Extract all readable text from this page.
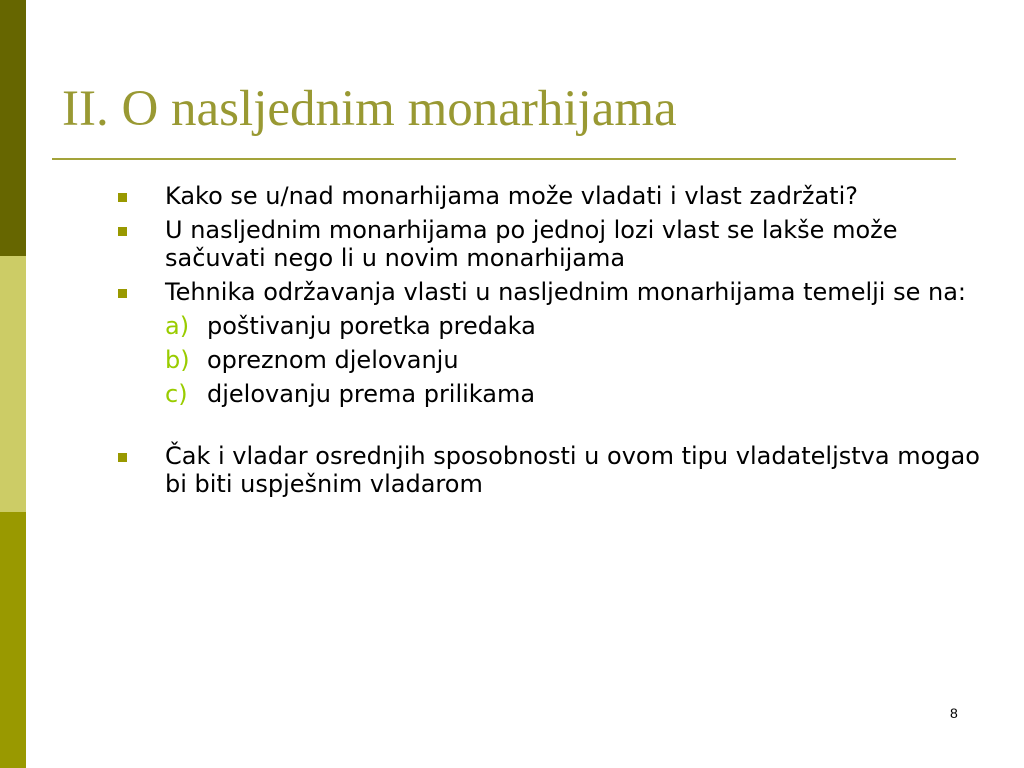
II. O nasljednim monarhijama
Kako se u/nad monarhijama može vladati i vlast zadržati?
U nasljednim monarhijama po jednoj lozi vlast se lakše može sačuvati nego li u novim monarhijama
Tehnika održavanja vlasti u nasljednim monarhijama temelji se na:
a) poštivanju poretka predaka
b) opreznom djelovanju
c) djelovanju prema prilikama
Čak i vladar osrednjih sposobnosti u ovom tipu vladateljstva mogao bi biti uspješnim vladarom
8
